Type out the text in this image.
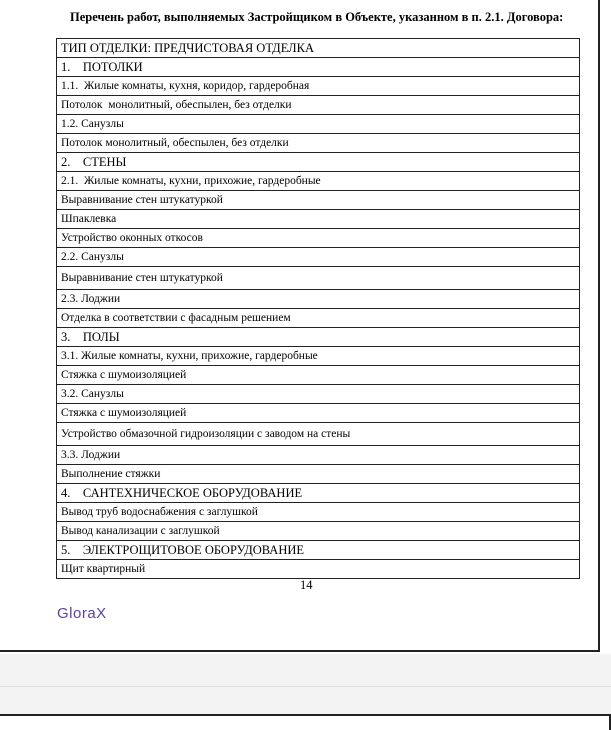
Перечень работ, выполняемых Застройщиком в Объекте, указанном в п. 2.1. Договора:
ТИП ОТДЕЛКИ: ПРЕДЧИСТОВАЯ ОТДЕЛКА
1.    ПОТОЛКИ
1.1.  Жилые комнаты, кухня, коридор, гардеробная
Потолок  монолитный, обеспылен, без отделки
1.2. Санузлы
Потолок монолитный, обеспылен, без отделки
2.    СТЕНЫ
2.1.  Жилые комнаты, кухни, прихожие, гардеробные
Выравнивание стен штукатуркой
Шпаклевка
Устройство оконных откосов
2.2. Санузлы
Выравнивание стен штукатуркой
2.3. Лоджии
Отделка в соответствии с фасадным решением
3.    ПОЛЫ
3.1. Жилые комнаты, кухни, прихожие, гардеробные
Стяжка с шумоизоляцией
3.2. Санузлы
Стяжка с шумоизоляцией
Устройство обмазочной гидроизоляции с заводом на стены
3.3. Лоджии
Выполнение стяжки
4.    САНТЕХНИЧЕСКОЕ ОБОРУДОВАНИЕ
Вывод труб водоснабжения с заглушкой
Вывод канализации с заглушкой
5.    ЭЛЕКТРОЩИТОВОЕ ОБОРУДОВАНИЕ
Щит квартирный
14
GloraX
